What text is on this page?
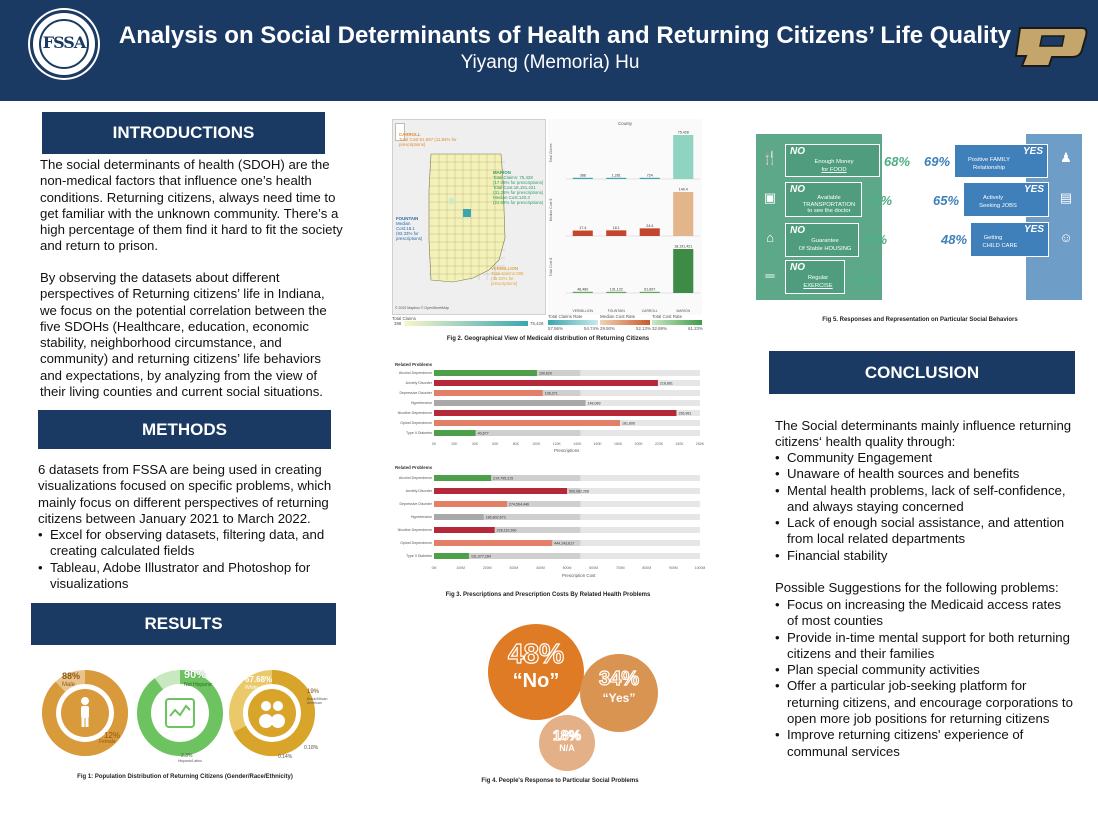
FSSA	Analysis on Social Determinants of Health and Returning Citizens’ Life Quality
Yiyang (Memoria) Hu
INTRODUCTIONS
The social determinants of health (SDOH) are the non-medical factors that influence one’s health conditions. Returning citizens, always need time to get familiar with the unknown community. There’s a high percentage of them find it hard to fit the society and return to prison.
By observing the datasets about different perspectives of Returning citizens’ life in Indiana, we focus on the potential correlation between the five SDOHs (Healthcare, education, economic stability, neighborhood circumstance, and community) and returning citizens’ life behaviors and expectations, by analyzing from the view of their living counties and current social situations.
METHODS
6 datasets from FSSA are being used in creating visualizations focused on specific problems, which mainly focus on different perspectives of returning citizens between January 2021 to March 2022.
• Excel for observing datasets, filtering data, and creating calculated fields
• Tableau, Adobe Illustrator and Photoshop for visualizations
RESULTS
88%
Male
12%
Female
90%
Not Hispanic
2.3%
Hispanic/Latino
67.68%
White
19%
Black/African American
0.18%
0.14%
Fig 1: Population Distribution of Returning Citizens (Gender/Race/Ethnicity)
CARROLL
Total Cost:61,697 (11.84% for prescriptions)
MARION
Total Claims: 75,428 (17.08% for prescriptions) Total Cost:18,191,421 (31.26% for prescriptions) Median Cost:140.4 (21.08% for prescriptions)
FOUNTAIN
Median Cost:18.1 (93.33% for prescriptions)
VERMILLION
Total Claims:388 (35.03% for prescriptions)
© 2022 Mapbox © OpenStreetMap
Total Claims
388	75,428
County
Total Claims
388	1,281	724
75,428
Median Cost $
17.4	18.1	24.4
140.4
Total Cost $
46,480	131,122	61,697
18,191,421
VERMILLION	FOUNTAIN	CARROLL	MARION
Total Claims Rate	Median Cost Rate	Total Cost Rate
57.56%	54.74% 29.50%	52.13% 32.69%	61.23%
Fig 2. Geographical View of Medicaid distribution of Returning Citizens
Related Problems
Alcohol Dependence	100,620
Anxiety Disorder	218,861
Depressive Disorder	106,271
Hypertension	148,089
Nicotine Dependence	236,981
Opioid Dependence	181,806
Type II Diabetes	40,677
0K	20K	40K	60K	80K	100K	120K	140K	160K	180K	200K	220K	240K	260K
Prescriptions
Related Problems
Alcohol Dependence	214,795,315
Anxiety Disorder	500,082,268
Depressive Disorder	274,594,446
Hypertension	186,802,673
Nicotine Dependence	228,110,390
Opioid Dependence	444,143,617
Type II Diabetes	131,377,284
0M	100M	200M	300M	400M	500M	600M	700M	800M	900M	1000M
Prescription Cost
Fig 3. Prescriptions and Prescription Costs By Related Health Problems
48%
“No”	34%
“Yes”
18%
N/A
Fig 4. People's Response to Particular Social Problems
🍴
▣
⌂
═
NO
Enough Money
for FOOD
68%
NO
Available TRANSPORTATION
to see the doctor
48%
NO
Guarantee
Of Stable HOUSING
45%
NO
Regular
EXERCISE	37%
YES
Positive FAMILY
Relationship
69%	♟
YES
Actively
Seeking JOBS
65%	▤
YES
Getting
CHILD CARE
48%	☺
Fig 5. Responses and Representation on Particular Social Behaviors
CONCLUSION
The Social determinants mainly influence returning citizens‘ health quality through:
• Community Engagement
• Unaware of health sources and benefits
• Mental health problems, lack of self-confidence, and always staying concerned
• Lack of enough social assistance, and attention from local related departments
• Financial stability
Possible Suggestions for the following problems:
• Focus on increasing the Medicaid access rates of most counties
• Provide in-time mental support for both returning citizens and their families
• Plan special community activities
• Offer a particular job-seeking platform for returning citizens, and encourage corporations to open more job positions for returning citizens
• Improve returning citizens' experience of communal services
